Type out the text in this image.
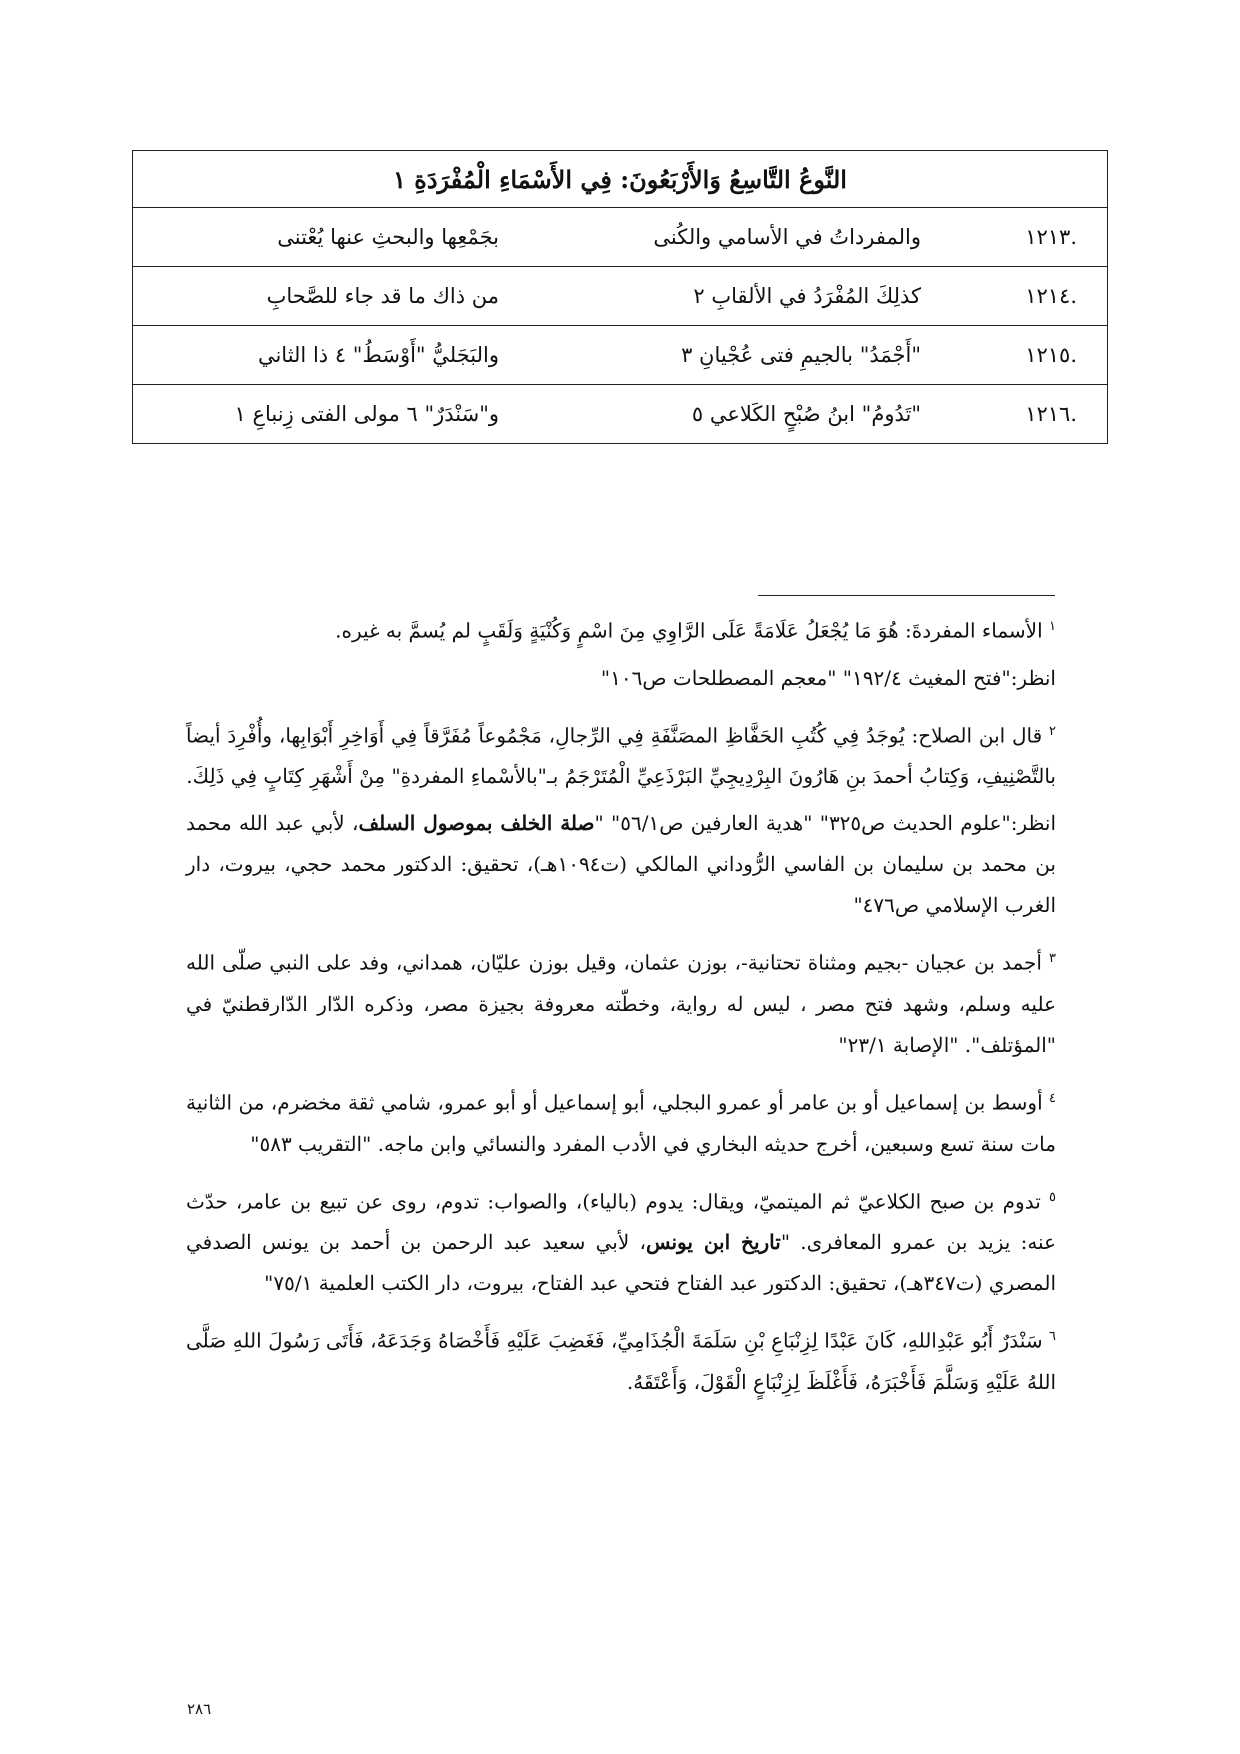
النَّوعُ التَّاسِعُ وَالأَرْبَعُونَ: فِي الأَسْمَاءِ الْمُفْرَدَةِ ١

.١٢١٣
والمفرداتُ في الأسامي والكُنى
بجَمْعِها والبحثِ عنها يُعْتنى

.١٢١٤
كذلِكَ المُفْرَدُ في الألقابِ ٢
من ذاك ما قد جاء للصَّحابِ

.١٢١٥
"أَجْمَدُ" بالجيمِ فتى عُجْيانِ ٣
والبَجَليُّ "أَوْسَطُ" ٤ ذا الثاني

.١٢١٦
"تَدُومُ" ابنُ صُبْحٍ الكَلاعي ٥
و"سَنْدَرٌ" ٦ مولى الفتى زِنباعِ ١

$^١$ الأسماء المفردةَ: هُوَ مَا يُجْعَلُ عَلَامَةً عَلَى الرَّاوِي مِنَ اسْمٍ وَكُنْيَةٍ وَلَقَبٍ لم يُسمَّ به غيره.

انظر:"فتح المغيث ١٩٢/٤" "معجم المصطلحات ص١٠٦"

$^٢$ قال ابن الصلاح: يُوجَدُ فِي كُتُبِ الحَفَّاظِ المصَنَّفَةِ فِي الرِّجالِ، مَجْمُوعاً مُفَرَّقاً فِي أَوَاخِرِ أَبْوَابِها، وأُفْرِدَ أيضاً بالتَّصْنِيفِ، وَكِتابُ أحمدَ بنِ هَارُونَ البِرْدِيجِيِّ البَرْذَعِيِّ الْمُتَرْجَمُ بـ"بالأسْماءِ المفردةِ" مِنْ أَشْهَرِ كِتَابٍ فِي ذَلِكَ.

انظر:"علوم الحديث ص٣٢٥" "هدية العارفين ص٥٦/١" "صلة الخلف بموصول السلف، لأبي عبد الله محمد بن محمد بن سليمان بن الفاسي الرُّوداني المالكي (ت١٠٩٤هـ)، تحقيق: الدكتور محمد حجي، بيروت، دار الغرب الإسلامي ص٤٧٦"

$^٣$ أجمد بن عجيان -بجيم ومثناة تحتانية-، بوزن عثمان، وقيل بوزن عليّان، همداني، وفد على النبي صلّى الله عليه وسلم، وشهد فتح مصر ، ليس له رواية، وخطّته معروفة بجيزة مصر، وذكره الدّار الدّارقطنيّ في "المؤتلف". "الإصابة ٢٣/١"

$^٤$ أوسط بن إسماعيل أو بن عامر أو عمرو البجلي، أبو إسماعيل أو أبو عمرو، شامي ثقة مخضرم، من الثانية مات سنة تسع وسبعين، أخرج حديثه البخاري في الأدب المفرد والنسائي وابن ماجه. "التقريب ٥٨٣"

$^٥$ تدوم بن صبح الكلاعيّ ثم الميتميّ، ويقال: يدوم (بالياء)، والصواب: تدوم، روى عن تبيع بن عامر، حدّث عنه: يزيد بن عمرو المعافرى. "تاريخ ابن يونس، لأبي سعيد عبد الرحمن بن أحمد بن يونس الصدفي المصري (ت٣٤٧هـ)، تحقيق: الدكتور عبد الفتاح فتحي عبد الفتاح، بيروت، دار الكتب العلمية ٧٥/١"

$^٦$ سَنْدَرٌ أَبُو عَبْدِاللهِ، كَانَ عَبْدًا لِزِنْبَاعِ بْنِ سَلَمَةَ الْجُذَامِيِّ، فَغَضِبَ عَلَيْهِ فَأَخْصَاهُ وَجَدَعَهُ، فَأَتَى رَسُولَ اللهِ صَلَّى اللهُ عَلَيْهِ وَسَلَّمَ فَأَخْبَرَهُ، فَأَغْلَظَ لِزِنْبَاعٍ الْقَوْلَ، وَأَعْتَقَهُ.

٢٨٦
